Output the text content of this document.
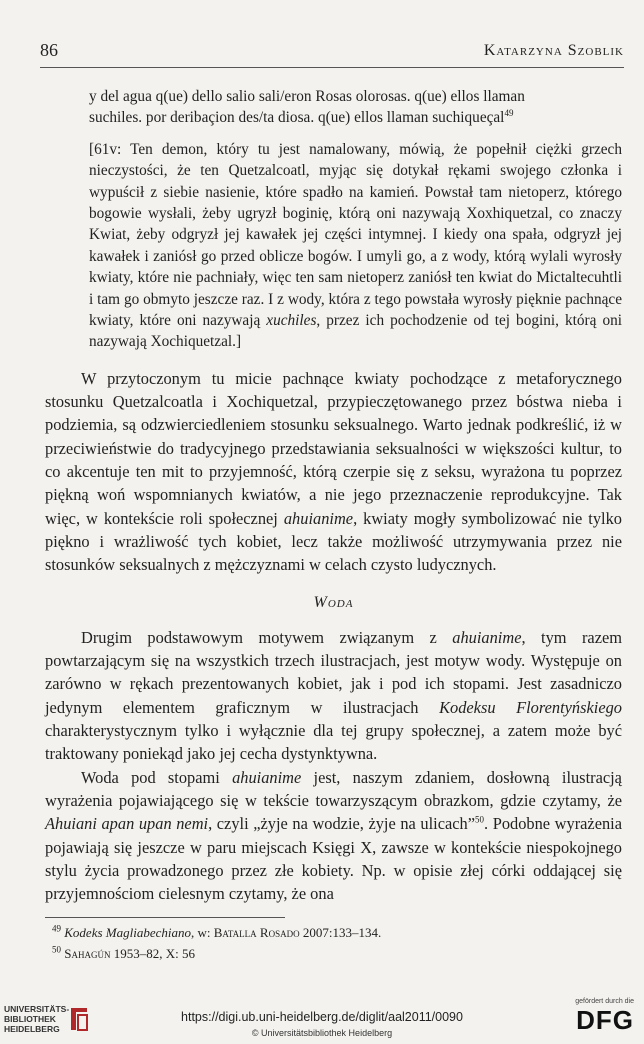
86	Katarzyna Szoblik
y del agua q(ue) dello salio sali/eron Rosas olorosas. q(ue) ellos llaman
suchiles. por deribaçion des/ta diosa. q(ue) ellos llaman suchiqueçal$^{49}$
[61v: Ten demon, który tu jest namalowany, mówią, że popełnił ciężki grzech nieczystości, że ten Quetzalcoatl, myjąc się dotykał rękami swojego członka i wypuścił z siebie nasienie, które spadło na kamień. Powstał tam nietoperz, którego bogowie wysłali, żeby ugryzł boginię, którą oni nazywają Xoxhiquetzal, co znaczy Kwiat, żeby odgryzł jej kawałek jej części intymnej. I kiedy ona spała, odgryzł jej kawałek i zaniósł go przed oblicze bogów. I umyli go, a z wody, którą wylali wyrosły kwiaty, które nie pachniały, więc ten sam nietoperz zaniósł ten kwiat do Mictaltecuhtli i tam go obmyto jeszcze raz. I z wody, która z tego powstała wyrosły pięknie pachnące kwiaty, które oni nazywają xuchiles, przez ich pochodzenie od tej bogini, którą oni nazywają Xochiquetzal.]

W przytoczonym tu micie pachnące kwiaty pochodzące z metaforycznego stosunku Quetzalcoatla i Xochiquetzal, przypieczętowanego przez bóstwa nieba i podziemia, są odzwierciedleniem stosunku seksualnego. Warto jednak podkreślić, iż w przeciwieństwie do tradycyjnego przedstawiania seksualności w większości kultur, to co akcentuje ten mit to przyjemność, którą czerpie się z seksu, wyrażona tu poprzez piękną woń wspomnianych kwiatów, a nie jego przeznaczenie reprodukcyjne. Tak więc, w kontekście roli społecznej ahuianime, kwiaty mogły symbolizować nie tylko piękno i wrażliwość tych kobiet, lecz także możliwość utrzymywania przez nie stosunków seksualnych z mężczyznami w celach czysto ludycznych.

Woda

Drugim podstawowym motywem związanym z ahuianime, tym razem powtarzającym się na wszystkich trzech ilustracjach, jest motyw wody. Występuje on zarówno w rękach prezentowanych kobiet, jak i pod ich stopami. Jest zasadniczo jedynym elementem graficznym w ilustracjach Kodeksu Florentyńskiego charakterystycznym tylko i wyłącznie dla tej grupy społecznej, a zatem może być traktowany poniekąd jako jej cecha dystynktywna.

Woda pod stopami ahuianime jest, naszym zdaniem, dosłowną ilustracją wyrażenia pojawiającego się w tekście towarzyszącym obrazkom, gdzie czytamy, że Ahuiani apan upan nemi, czyli „żyje na wodzie, żyje na ulicach”$^{50}$. Podobne wyrażenia pojawiają się jeszcze w paru miejscach Księgi X, zawsze w kontekście niespokojnego stylu życia prowadzonego przez złe kobiety. Np. w opisie złej córki oddającej się przyjemnościom cielesnym czytamy, że ona

$^{49}$ Kodeks Magliabechiano, w: Batalla Rosado 2007:133–134.
$^{50}$ Sahagún 1953–82, X: 56
UNIVERSITÄTS-
BIBLIOTHEK
HEIDELBERG
https://digi.ub.uni-heidelberg.de/diglit/aal2011/0090
© Universitätsbibliothek Heidelberg
gefördert durch die
DFG
